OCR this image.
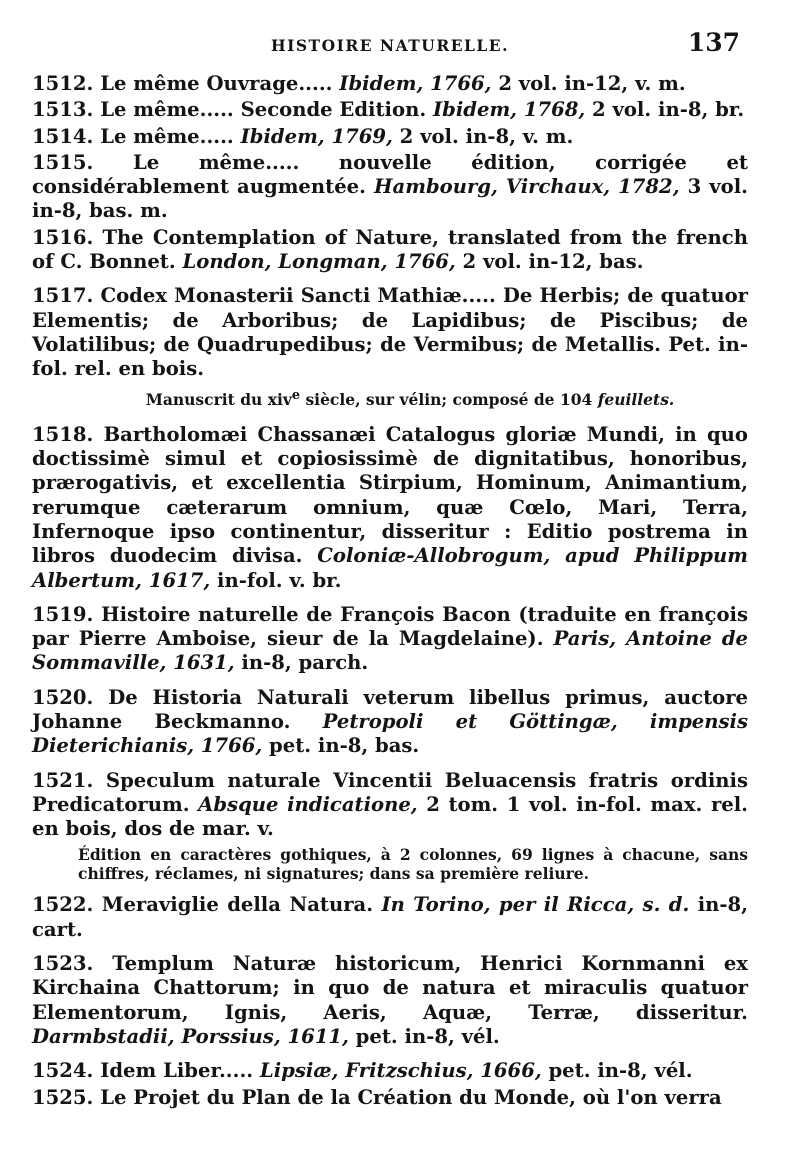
HISTOIRE NATURELLE.	137
1512. Le même Ouvrage..... Ibidem, 1766, 2 vol. in-12, v. m.
1513. Le même..... Seconde Edition. Ibidem, 1768, 2 vol. in-8, br.
1514. Le même..... Ibidem, 1769, 2 vol. in-8, v. m.
1515. Le même..... nouvelle édition, corrigée et considérablement augmentée. Hambourg, Virchaux, 1782, 3 vol. in-8, bas. m.
1516. The Contemplation of Nature, translated from the french of C. Bonnet. London, Longman, 1766, 2 vol. in-12, bas.
1517. Codex Monasterii Sancti Mathiæ..... De Herbis; de quatuor Elementis; de Arboribus; de Lapidibus; de Piscibus; de Volatilibus; de Quadrupedibus; de Vermibus; de Metallis. Pet. in-fol. rel. en bois.
Manuscrit du xiv$^e$ siècle, sur vélin; composé de 104 feuillets.
1518. Bartholomæi Chassanæi Catalogus gloriæ Mundi, in quo doctissimè simul et copiosissimè de dignitatibus, honoribus, prærogativis, et excellentia Stirpium, Hominum, Animantium, rerumque cæterarum omnium, quæ Cœlo, Mari, Terra, Infernoque ipso continentur, disseritur : Editio postrema in libros duodecim divisa. Coloniæ-Allobrogum, apud Philippum Albertum, 1617, in-fol. v. br.
1519. Histoire naturelle de François Bacon (traduite en françois par Pierre Amboise, sieur de la Magdelaine). Paris, Antoine de Sommaville, 1631, in-8, parch.
1520. De Historia Naturali veterum libellus primus, auctore Johanne Beckmanno. Petropoli et Göttingæ, impensis Dieterichianis, 1766, pet. in-8, bas.
1521. Speculum naturale Vincentii Beluacensis fratris ordinis Predicatorum. Absque indicatione, 2 tom. 1 vol. in-fol. max. rel. en bois, dos de mar. v.
Édition en caractères gothiques, à 2 colonnes, 69 lignes à chacune, sans chiffres, réclames, ni signatures; dans sa première reliure.
1522. Meraviglie della Natura. In Torino, per il Ricca, s. d. in-8, cart.
1523. Templum Naturæ historicum, Henrici Kornmanni ex Kirchaina Chattorum; in quo de natura et miraculis quatuor Elementorum, Ignis, Aeris, Aquæ, Terræ, disseritur. Darmbstadii, Porssius, 1611, pet. in-8, vél.
1524. Idem Liber..... Lipsiæ, Fritzschius, 1666, pet. in-8, vél.
1525. Le Projet du Plan de la Création du Monde, où l'on verra
